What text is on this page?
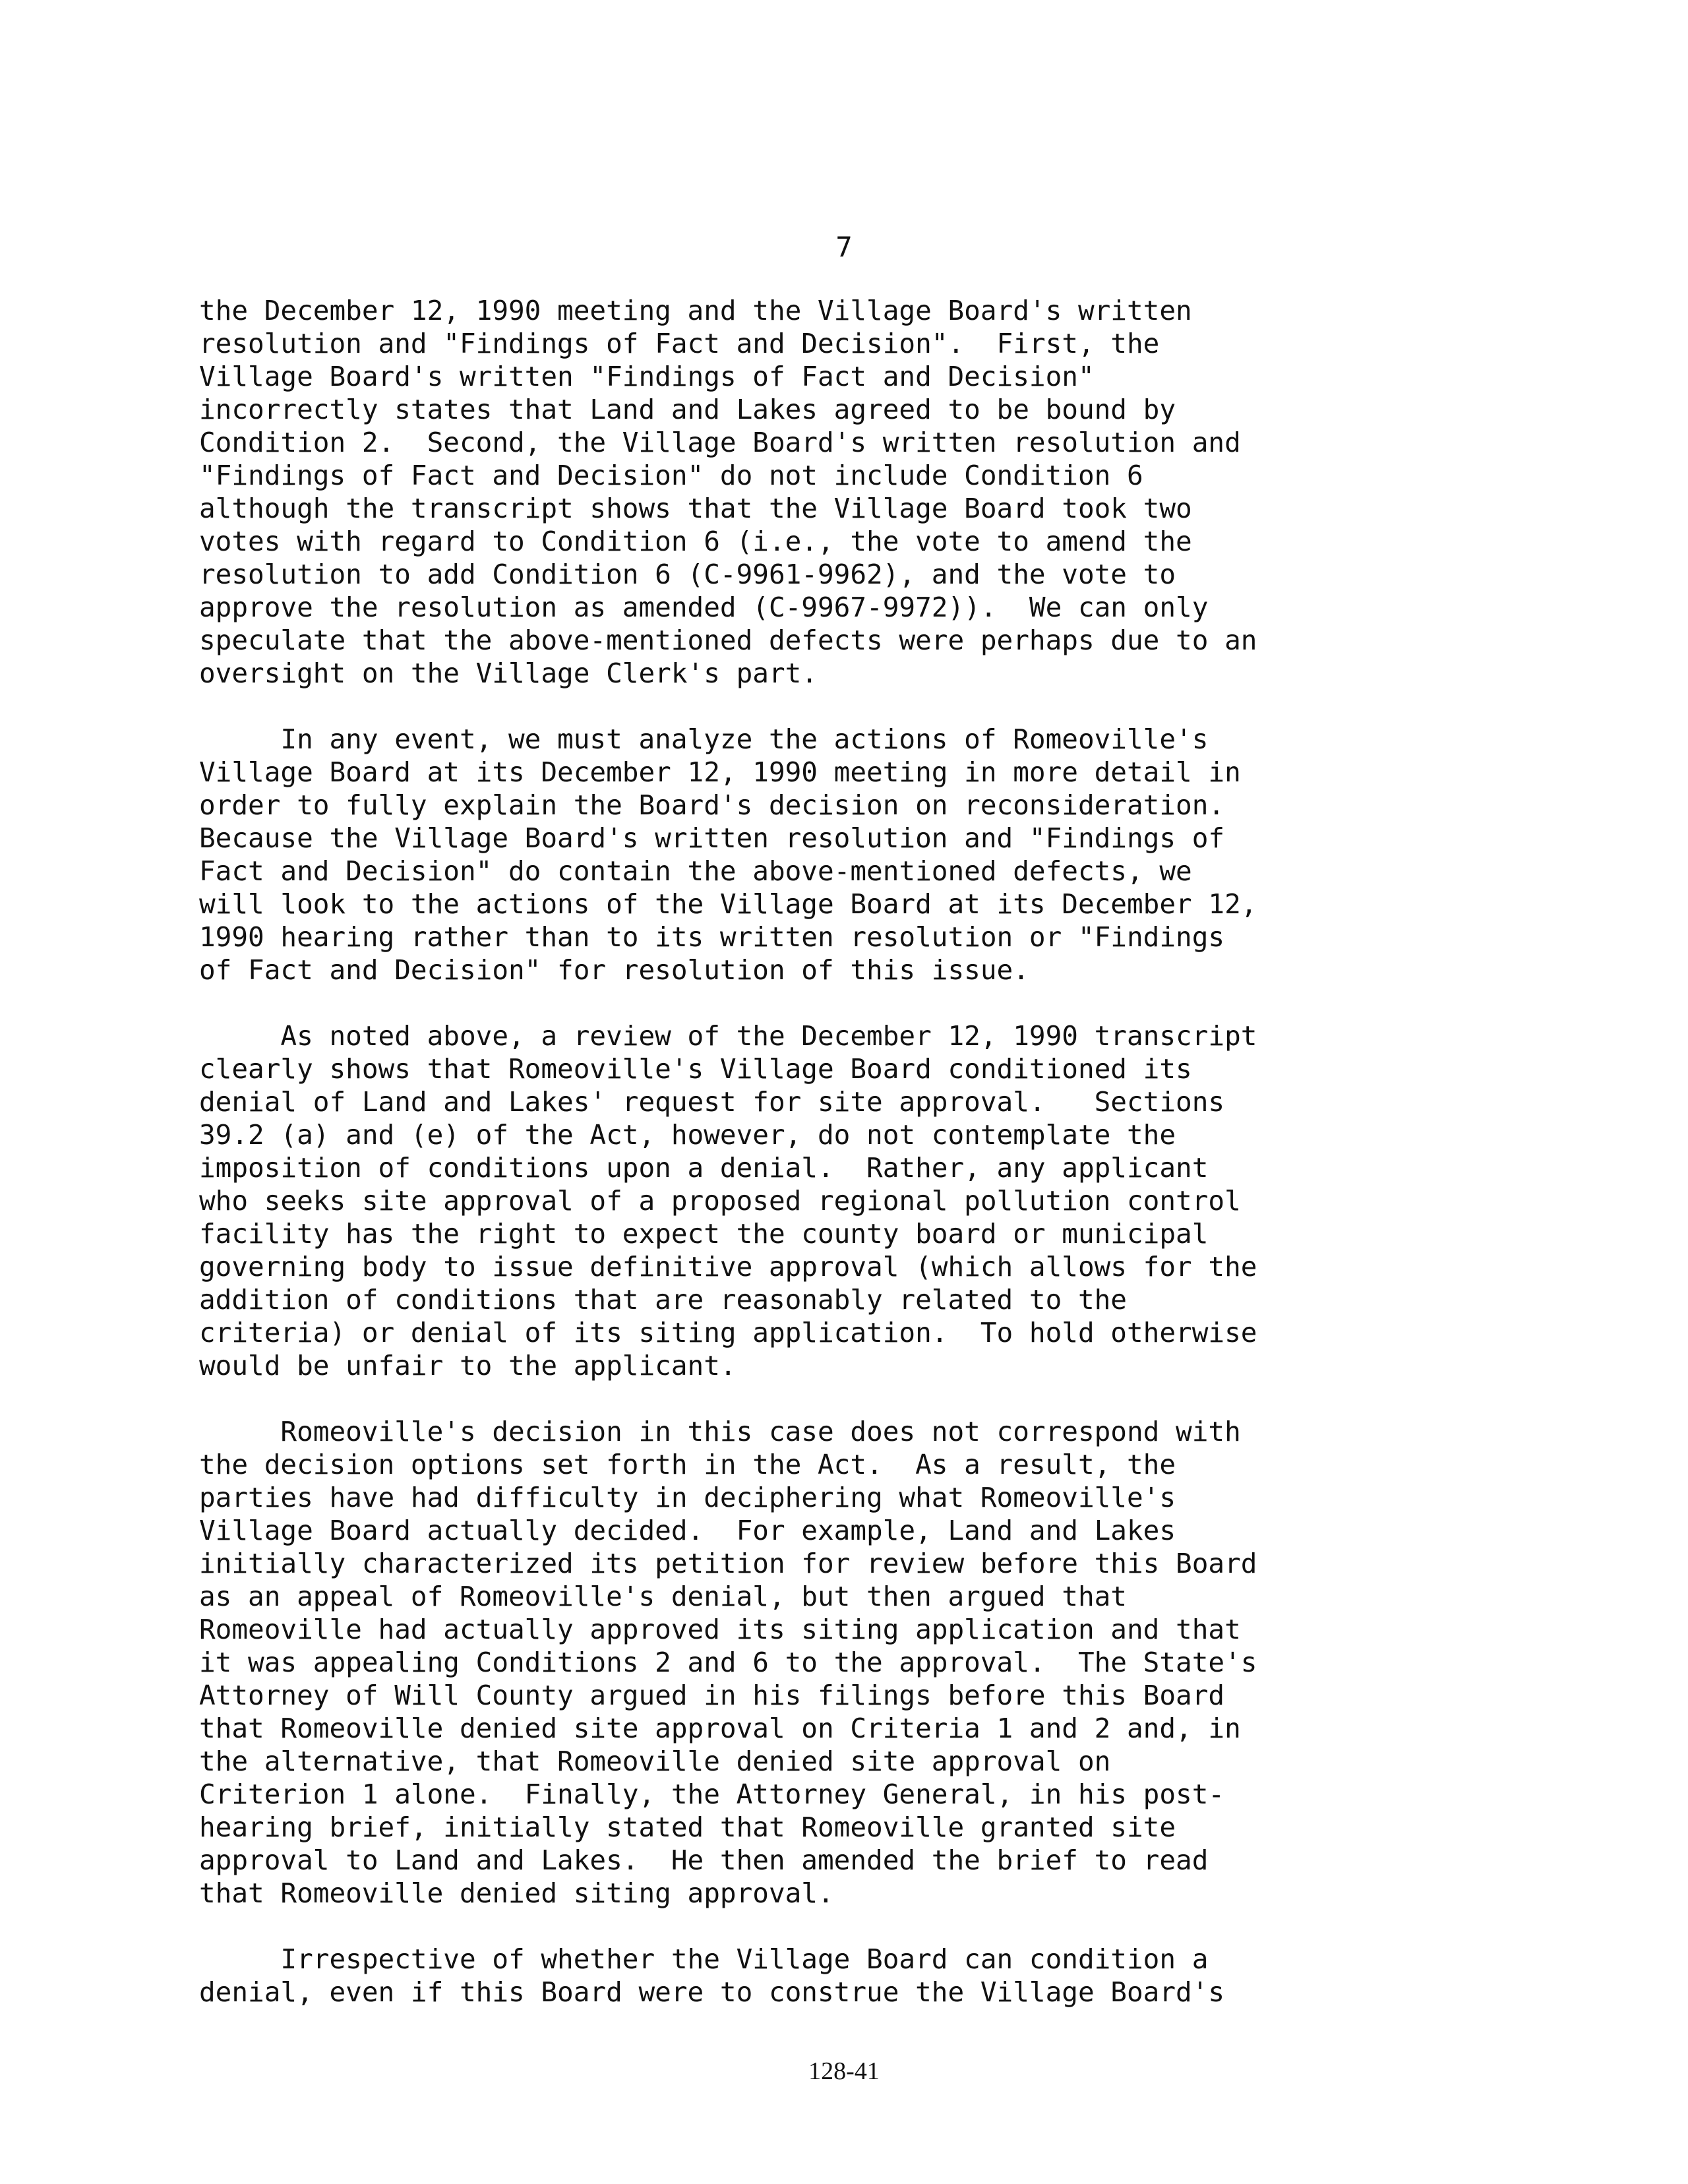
7

the December 12, 1990 meeting and the Village Board's written
resolution and "Findings of Fact and Decision".  First, the
Village Board's written "Findings of Fact and Decision"
incorrectly states that Land and Lakes agreed to be bound by
Condition 2.  Second, the Village Board's written resolution and
"Findings of Fact and Decision" do not include Condition 6
although the transcript shows that the Village Board took two
votes with regard to Condition 6 (i.e., the vote to amend the
resolution to add Condition 6 (C-9961-9962), and the vote to
approve the resolution as amended (C-9967-9972)).  We can only
speculate that the above-mentioned defects were perhaps due to an
oversight on the Village Clerk's part.

In any event, we must analyze the actions of Romeoville's
Village Board at its December 12, 1990 meeting in more detail in
order to fully explain the Board's decision on reconsideration.
Because the Village Board's written resolution and "Findings of
Fact and Decision" do contain the above-mentioned defects, we
will look to the actions of the Village Board at its December 12,
1990 hearing rather than to its written resolution or "Findings
of Fact and Decision" for resolution of this issue.

As noted above, a review of the December 12, 1990 transcript
clearly shows that Romeoville's Village Board conditioned its
denial of Land and Lakes' request for site approval.   Sections
39.2 (a) and (e) of the Act, however, do not contemplate the
imposition of conditions upon a denial.  Rather, any applicant
who seeks site approval of a proposed regional pollution control
facility has the right to expect the county board or municipal
governing body to issue definitive approval (which allows for the
addition of conditions that are reasonably related to the
criteria) or denial of its siting application.  To hold otherwise
would be unfair to the applicant.

Romeoville's decision in this case does not correspond with
the decision options set forth in the Act.  As a result, the
parties have had difficulty in deciphering what Romeoville's
Village Board actually decided.  For example, Land and Lakes
initially characterized its petition for review before this Board
as an appeal of Romeoville's denial, but then argued that
Romeoville had actually approved its siting application and that
it was appealing Conditions 2 and 6 to the approval.  The State's
Attorney of Will County argued in his filings before this Board
that Romeoville denied site approval on Criteria 1 and 2 and, in
the alternative, that Romeoville denied site approval on
Criterion 1 alone.  Finally, the Attorney General, in his post-
hearing brief, initially stated that Romeoville granted site
approval to Land and Lakes.  He then amended the brief to read
that Romeoville denied siting approval.

Irrespective of whether the Village Board can condition a
denial, even if this Board were to construe the Village Board's

128-41
